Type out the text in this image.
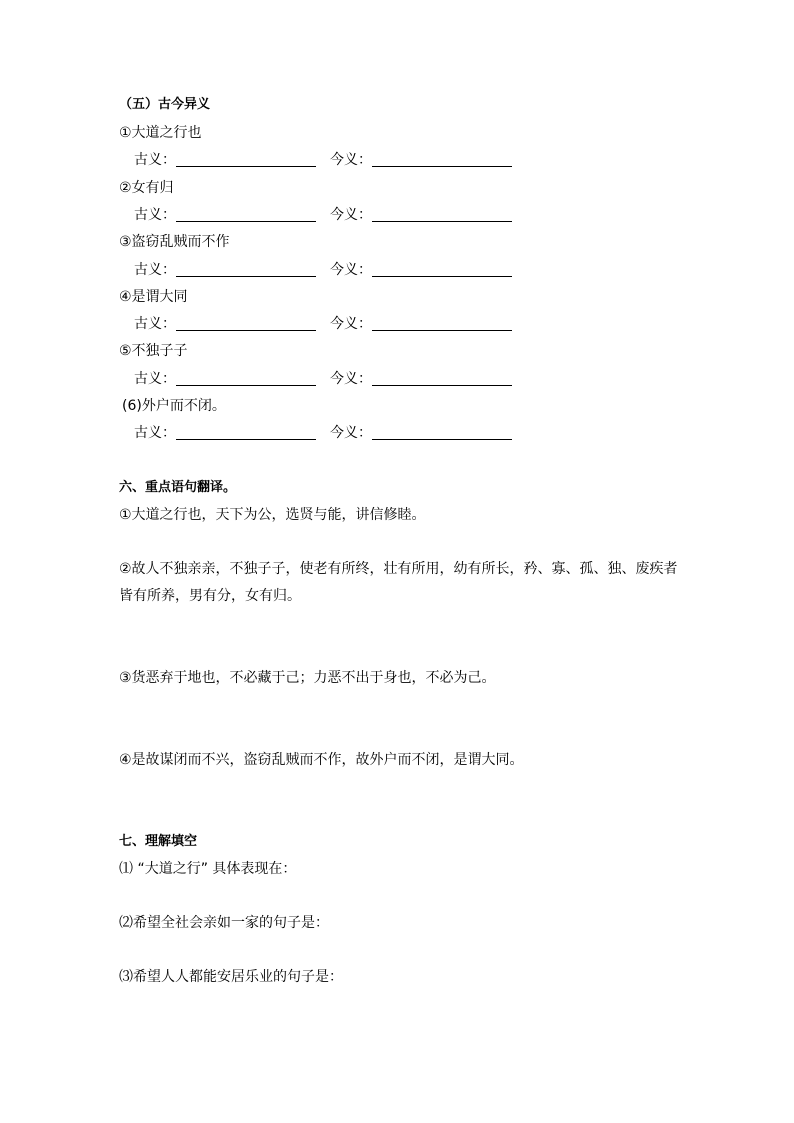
（五）古今异义
①大道之行也
古义：	今义：
②女有归
古义：	今义：
③盗窃乱贼而不作
古义：	今义：
④是谓大同
古义：	今义：
⑤不独子子
古义：	今义：
(6)外户而不闭。
古义：	今义：
六、重点语句翻译。
①大道之行也，天下为公，选贤与能，讲信修睦。
②故人不独亲亲，不独子子，使老有所终，壮有所用，幼有所长，矜、寡、孤、独、废疾者
皆有所养，男有分，女有归。
③货恶弃于地也，不必藏于己；力恶不出于身也，不必为己。
④是故谋闭而不兴，盗窃乱贼而不作，故外户而不闭，是谓大同。
七、理解填空
⑴ “大道之行” 具体表现在：
⑵希望全社会亲如一家的句子是：
⑶希望人人都能安居乐业的句子是：
